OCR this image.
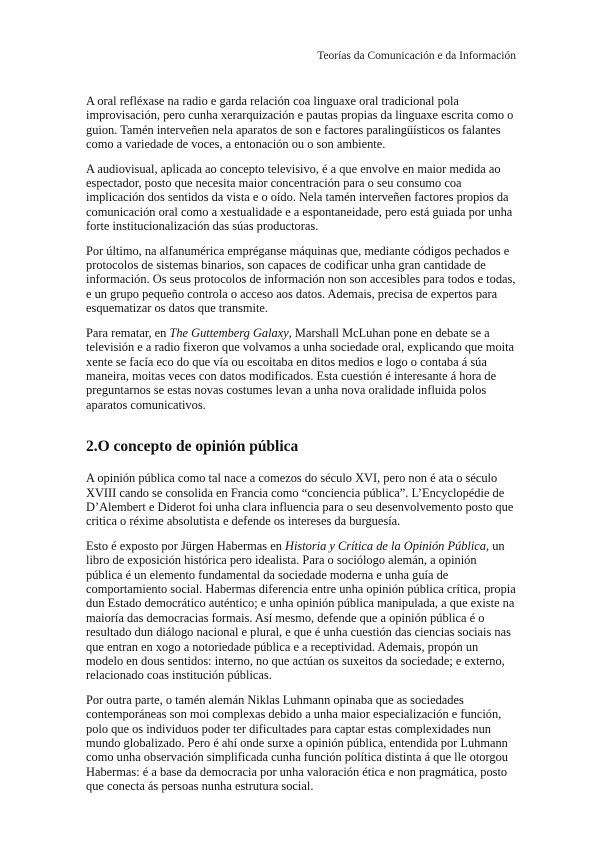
Teorías da Comunicación e da Información

A oral refléxase na radio e garda relación coa linguaxe oral tradicional pola improvisación, pero cunha xerarquización e pautas propias da linguaxe escrita como o guion. Tamén interveñen nela aparatos de son e factores paralingüísticos os falantes como a variedade de voces, a entonación ou o son ambiente.

A audiovisual, aplicada ao concepto televisivo, é a que envolve en maior medida ao espectador, posto que necesita maior concentración para o seu consumo coa implicación dos sentidos da vista e o oído. Nela tamén interveñen factores propios da comunicación oral como a xestualidade e a espontaneidade, pero está guiada por unha forte institucionalización das súas productoras.

Por último, na alfanumérica empréganse máquinas que, mediante códigos pechados e protocolos de sistemas binarios, son capaces de codificar unha gran cantidade de información. Os seus protocolos de información non son accesibles para todos e todas, e un grupo pequeño controla o acceso aos datos. Ademais, precisa de expertos para esquematizar os datos que transmite.

Para rematar, en The Guttemberg Galaxy, Marshall McLuhan pone en debate se a televisión e a radio fixeron que volvamos a unha sociedade oral, explicando que moita xente se facía eco do que vía ou escoitaba en ditos medios e logo o contaba á súa maneira, moitas veces con datos modificados. Esta cuestión é interesante á hora de preguntarnos se estas novas costumes levan a unha nova oralidade influida polos aparatos comunicativos.

2.O concepto de opinión pública

A opinión pública como tal nace a comezos do século XVI, pero non é ata o século XVIII cando se consolida en Francia como “conciencia pública”. L’Encyclopédie de D’Alembert e Diderot foi unha clara influencia para o seu desenvolvemento posto que critica o réxime absolutista e defende os intereses da burguesía.

Esto é exposto por Jürgen Habermas en Historia y Crítica de la Opinión Pública, un libro de exposición histórica pero idealista. Para o sociólogo alemán, a opinión pública é un elemento fundamental da sociedade moderna e unha guía de comportamiento social. Habermas diferencia entre unha opinión pública crítica, propia dun Estado democrático auténtico; e unha opinión pública manipulada, a que existe na maioría das democracias formais. Así mesmo, defende que a opinión pública é o resultado dun diálogo nacional e plural, e que é unha cuestión das ciencias sociais nas que entran en xogo a notoriedade pública e a receptividad. Ademais, propón un modelo en dous sentidos: interno, no que actúan os suxeitos da sociedade; e externo, relacionado coas institución públicas.

Por outra parte, o tamén alemán Niklas Luhmann opinaba que as sociedades contemporáneas son moi complexas debido a unha maior especialización e función, polo que os individuos poder ter dificultades para captar estas complexidades nun mundo globalizado. Pero é ahí onde surxe a opinión pública, entendida por Luhmann como unha observación simplificada cunha función política distinta á que lle otorgou Habermas: é a base da democracia por unha valoración ética e non pragmática, posto que conecta ás persoas nunha estrutura social.
